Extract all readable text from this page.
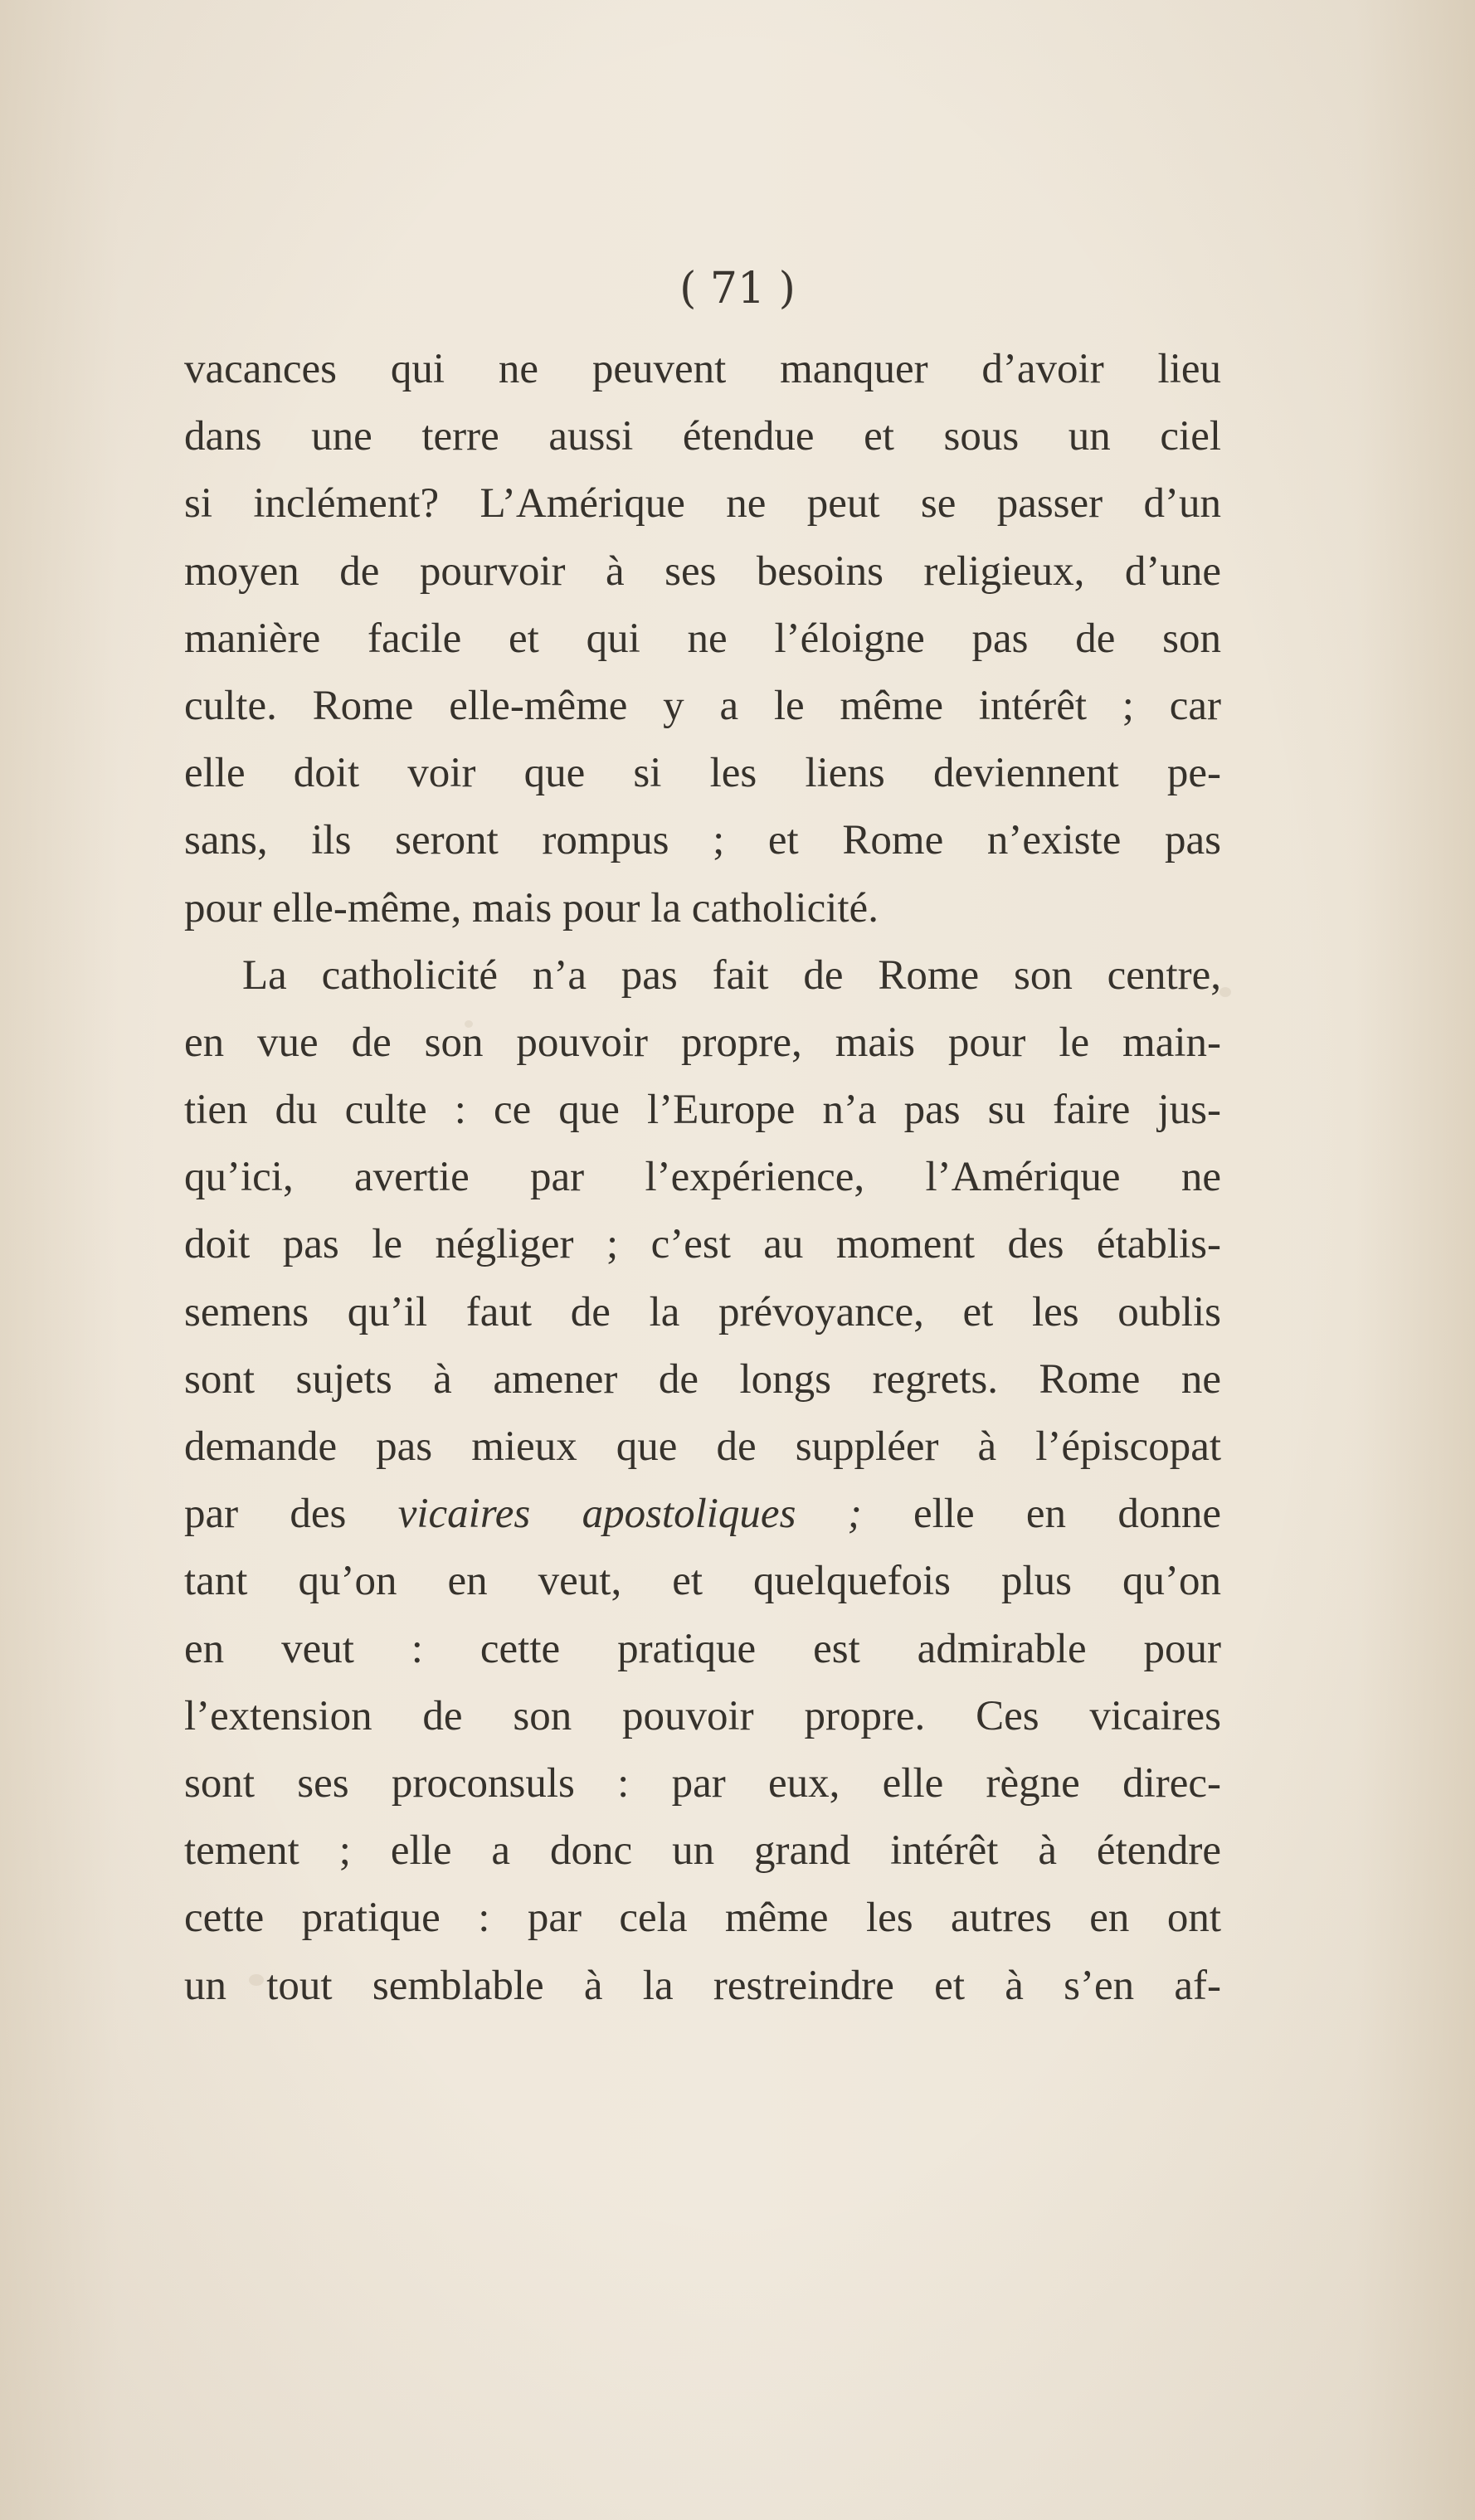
( 71 )

vacances qui ne peuvent manquer d’avoir lieu
dans une terre aussi étendue et sous un ciel
si inclément? L’Amérique ne peut se passer d’un
moyen de pourvoir à ses besoins religieux, d’une
manière facile et qui ne l’éloigne pas de son
culte. Rome elle-même y a le même intérêt ; car
elle doit voir que si les liens deviennent pe-
sans, ils seront rompus ; et Rome n’existe pas
pour elle-même, mais pour la catholicité.
La catholicité n’a pas fait de Rome son centre,
en vue de son pouvoir propre, mais pour le main-
tien du culte : ce que l’Europe n’a pas su faire jus-
qu’ici, avertie par l’expérience, l’Amérique ne
doit pas le négliger ; c’est au moment des établis-
semens qu’il faut de la prévoyance, et les oublis
sont sujets à amener de longs regrets. Rome ne
demande pas mieux que de suppléer à l’épiscopat
par des vicaires apostoliques ; elle en donne
tant qu’on en veut, et quelquefois plus qu’on
en veut : cette pratique est admirable pour
l’extension de son pouvoir propre. Ces vicaires
sont ses proconsuls : par eux, elle règne direc-
tement ; elle a donc un grand intérêt à étendre
cette pratique : par cela même les autres en ont
un tout semblable à la restreindre et à s’en af-
